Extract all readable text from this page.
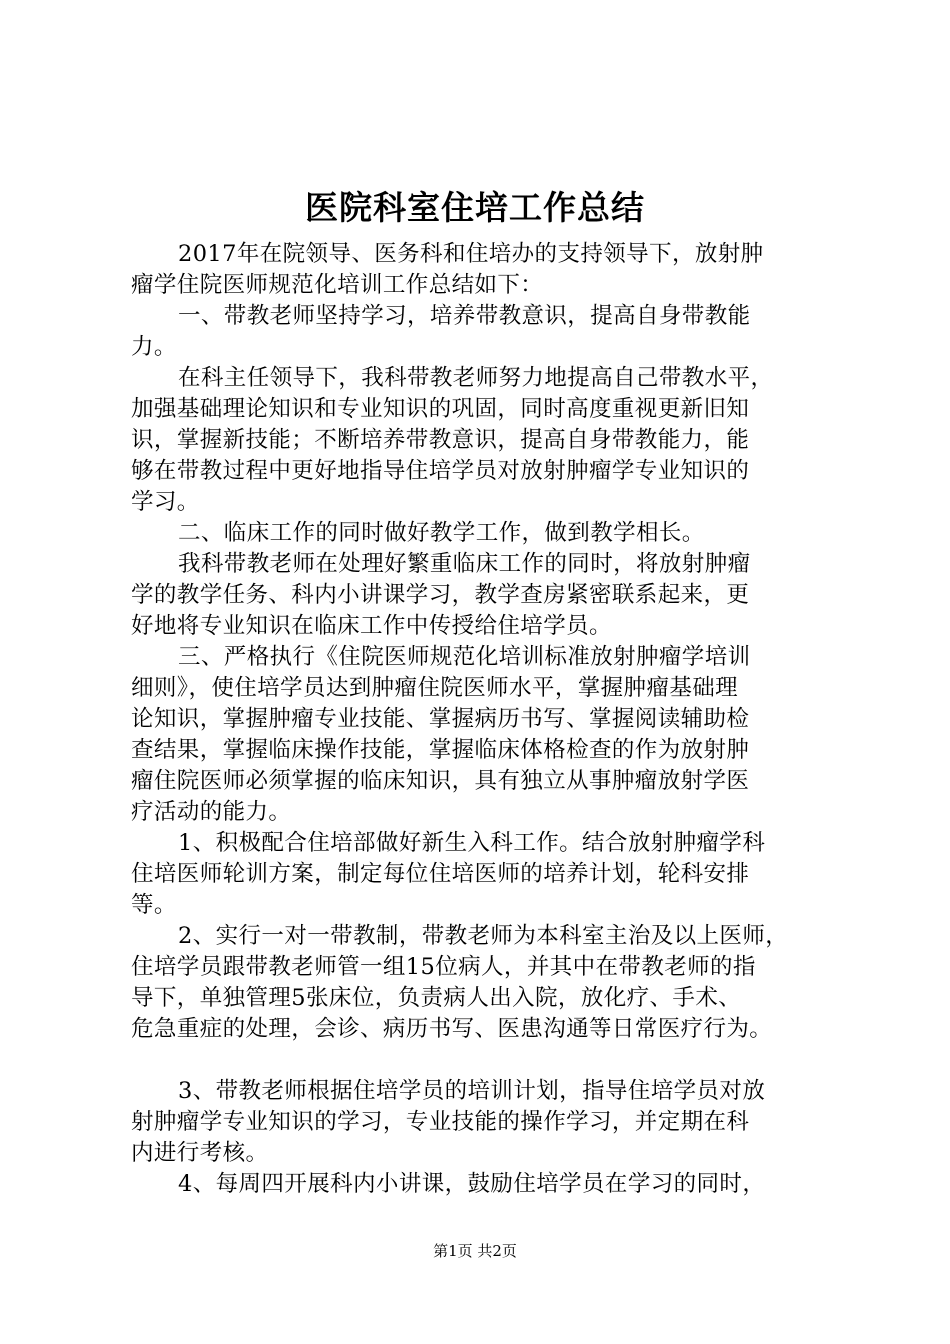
医院科室住培工作总结
2017年在院领导、医务科和住培办的支持领导下，放射肿
瘤学住院医师规范化培训工作总结如下：
一、带教老师坚持学习，培养带教意识，提高自身带教能
力。
在科主任领导下，我科带教老师努力地提高自己带教水平，
加强基础理论知识和专业知识的巩固，同时高度重视更新旧知
识，掌握新技能；不断培养带教意识，提高自身带教能力，能
够在带教过程中更好地指导住培学员对放射肿瘤学专业知识的
学习。
二、临床工作的同时做好教学工作，做到教学相长。
我科带教老师在处理好繁重临床工作的同时，将放射肿瘤
学的教学任务、科内小讲课学习，教学查房紧密联系起来，更
好地将专业知识在临床工作中传授给住培学员。
三、严格执行《住院医师规范化培训标准放射肿瘤学培训
细则》，使住培学员达到肿瘤住院医师水平，掌握肿瘤基础理
论知识，掌握肿瘤专业技能、掌握病历书写、掌握阅读辅助检
查结果，掌握临床操作技能，掌握临床体格检查的作为放射肿
瘤住院医师必须掌握的临床知识，具有独立从事肿瘤放射学医
疗活动的能力。
1、积极配合住培部做好新生入科工作。结合放射肿瘤学科
住培医师轮训方案，制定每位住培医师的培养计划，轮科安排
等。
2、实行一对一带教制，带教老师为本科室主治及以上医师，
住培学员跟带教老师管一组15位病人，并其中在带教老师的指
导下，单独管理5张床位，负责病人出入院，放化疗、手术、
危急重症的处理，会诊、病历书写、医患沟通等日常医疗行为。
3、带教老师根据住培学员的培训计划，指导住培学员对放
射肿瘤学专业知识的学习，专业技能的操作学习，并定期在科
内进行考核。
4、每周四开展科内小讲课，鼓励住培学员在学习的同时，
第1页 共2页
